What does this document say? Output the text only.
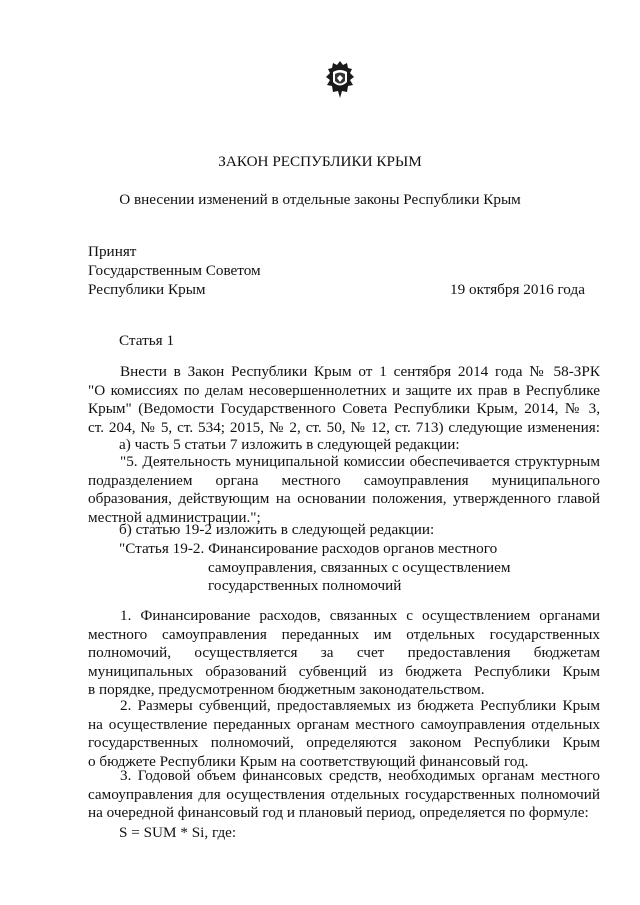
ЗАКОН РЕСПУБЛИКИ КРЫМ
О внесении изменений в отдельные законы Республики Крым
Принят
Государственным Советом
Республики Крым	19 октября 2016 года
Статья 1
Внести в Закон Республики Крым от 1 сентября 2014 года № 58-ЗРК
"О комиссиях по делам несовершеннолетних и защите их прав в Республике
Крым" (Ведомости Государственного Совета Республики Крым, 2014, № 3,
ст. 204, № 5, ст. 534; 2015, № 2, ст. 50, № 12, ст. 713) следующие изменения:
а) часть 5 статьи 7 изложить в следующей редакции:
"5. Деятельность муниципальной комиссии обеспечивается структурным
подразделением органа местного самоуправления муниципального
образования, действующим на основании положения, утвержденного главой
местной администрации.";
б) статью 19-2 изложить в следующей редакции:
"Статья 19-2. Финансирование расходов органов местного
самоуправления, связанных с осуществлением
государственных полномочий
1. Финансирование расходов, связанных с осуществлением органами
местного самоуправления переданных им отдельных государственных
полномочий, осуществляется за счет предоставления бюджетам
муниципальных образований субвенций из бюджета Республики Крым
в порядке, предусмотренном бюджетным законодательством.
2. Размеры субвенций, предоставляемых из бюджета Республики Крым
на осуществление переданных органам местного самоуправления отдельных
государственных полномочий, определяются законом Республики Крым
о бюджете Республики Крым на соответствующий финансовый год.
3. Годовой объем финансовых средств, необходимых органам местного
самоуправления для осуществления отдельных государственных полномочий
на очередной финансовый год и плановый период, определяется по формуле:
S = SUM * Si, где:
